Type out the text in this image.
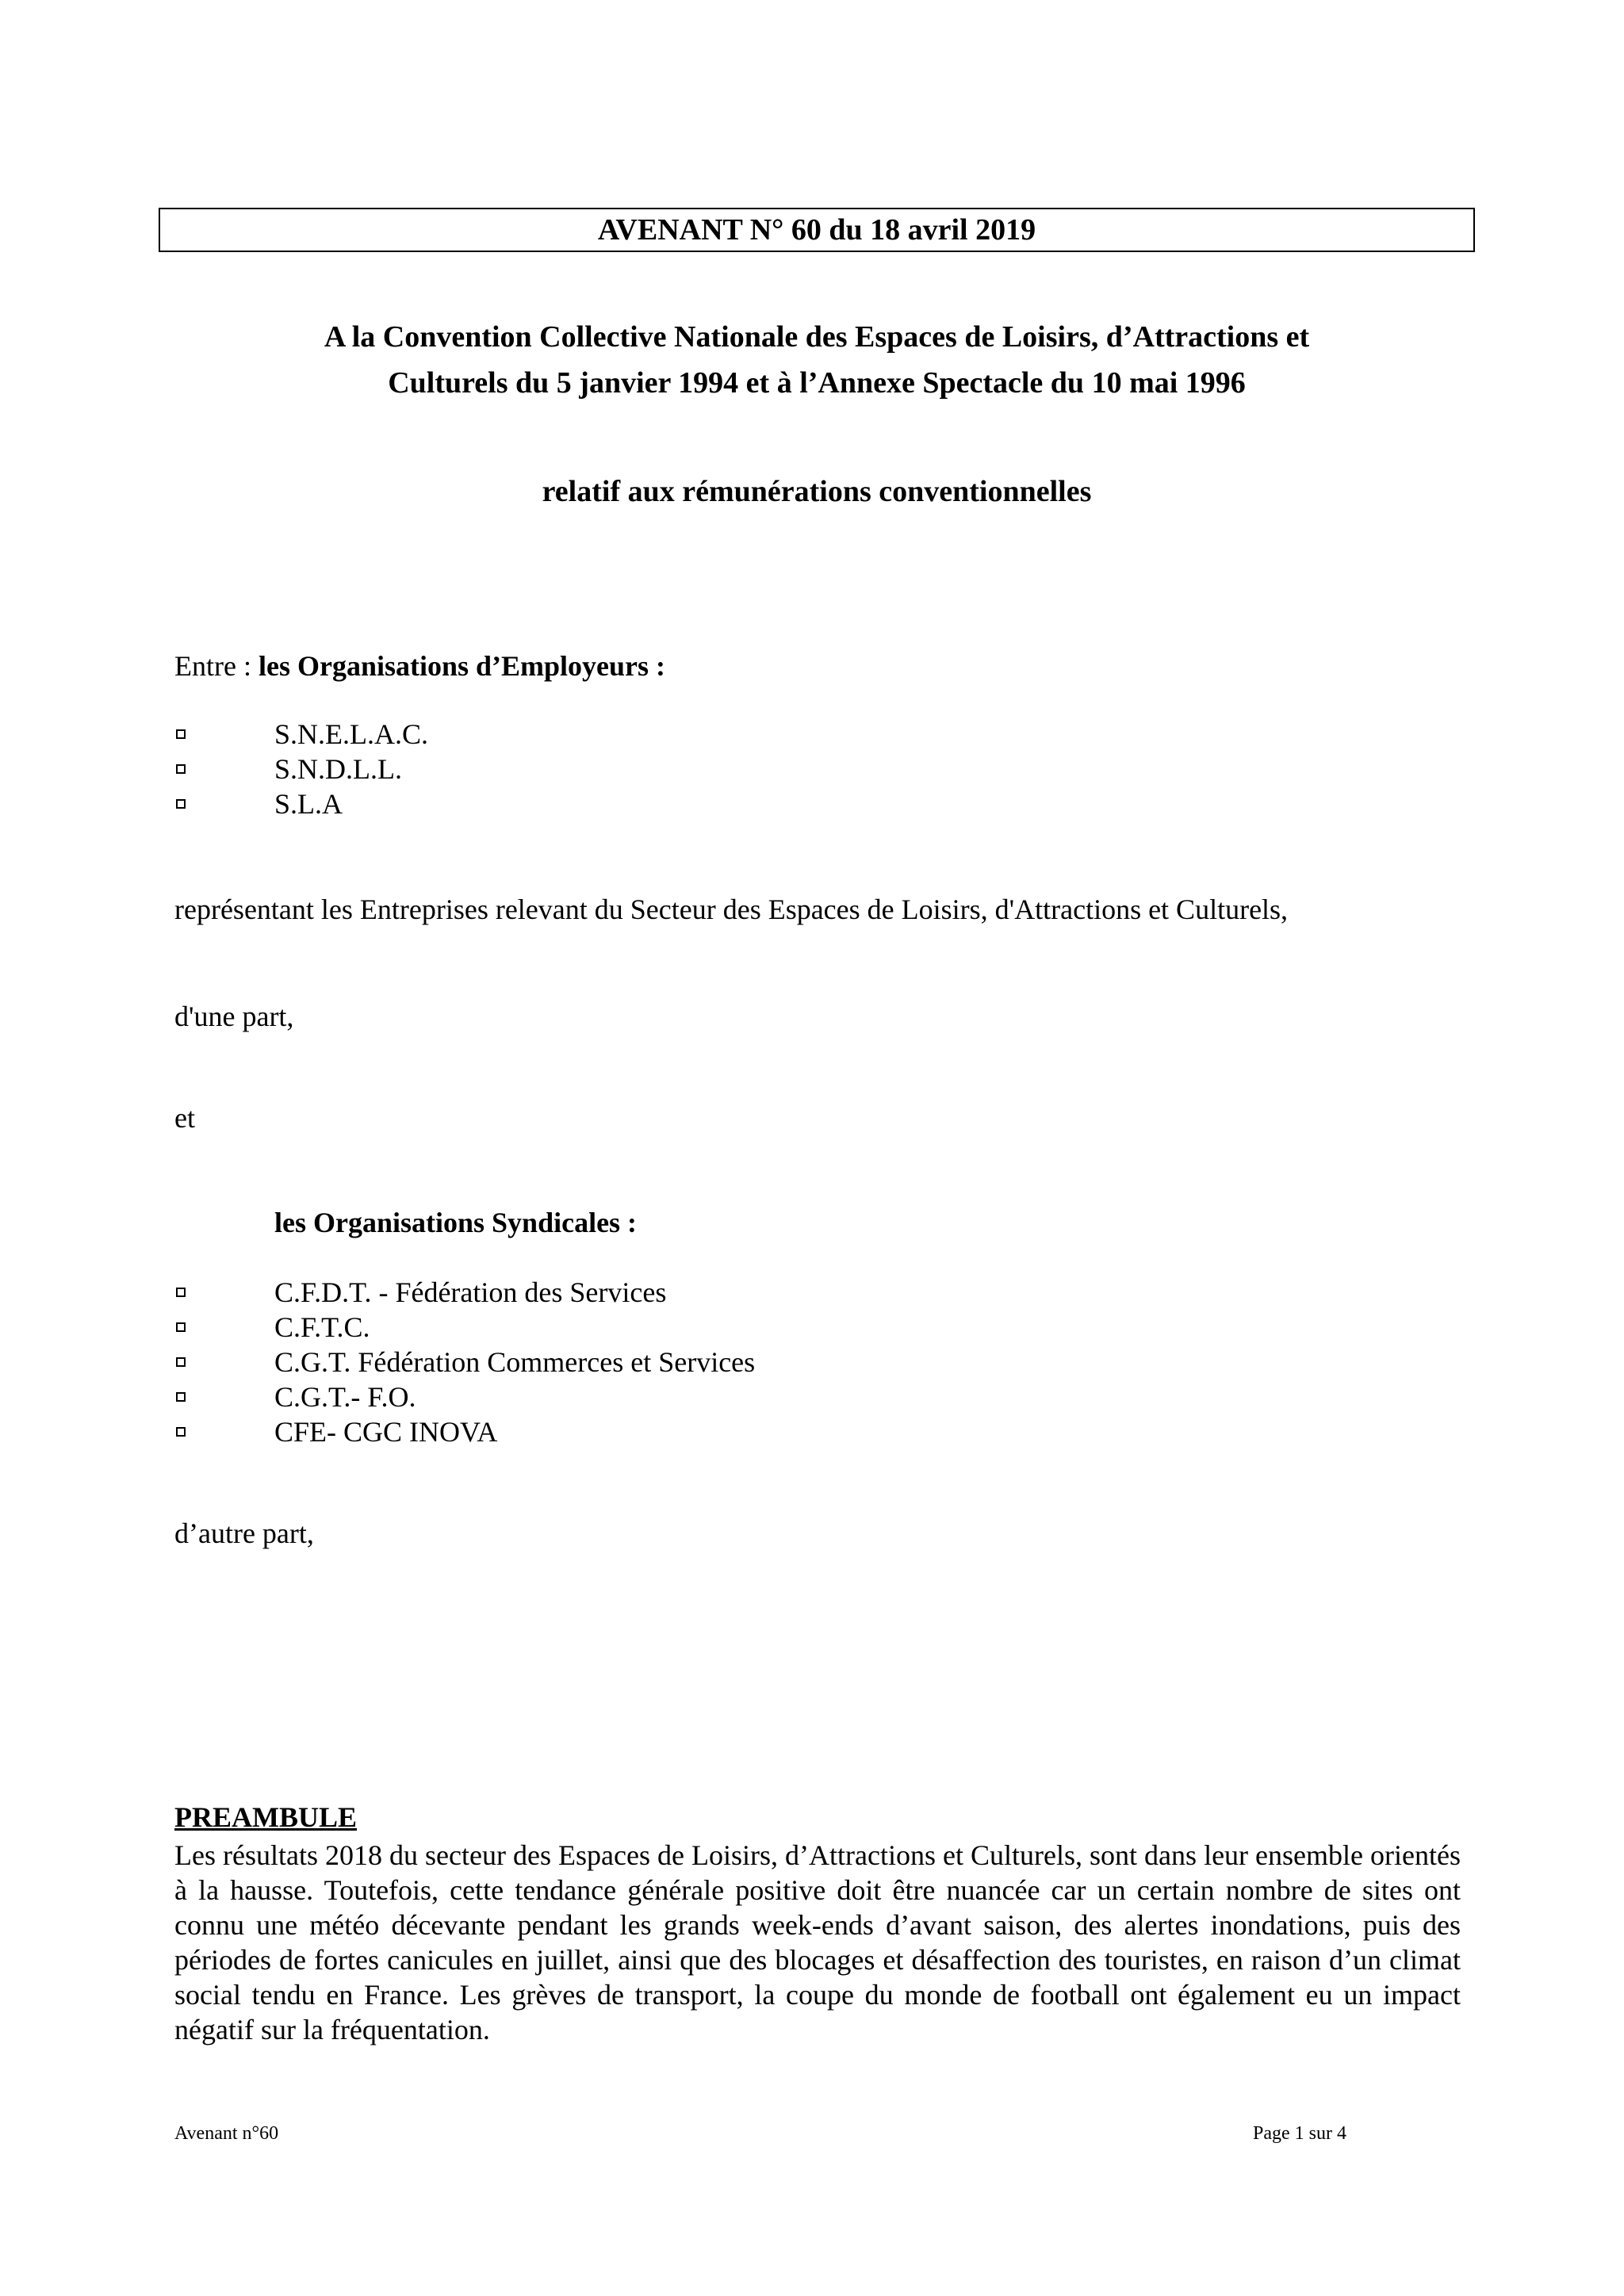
AVENANT N° 60 du 18 avril 2019
A la Convention Collective Nationale des Espaces de Loisirs, d’Attractions et
Culturels du 5 janvier 1994 et à l’Annexe Spectacle du 10 mai 1996
relatif aux rémunérations conventionnelles
Entre : les Organisations d’Employeurs :
S.N.E.L.A.C.
S.N.D.L.L.
S.L.A
représentant les Entreprises relevant du Secteur des Espaces de Loisirs, d'Attractions et Culturels,
d'une part,
et
les Organisations Syndicales :
C.F.D.T. - Fédération des Services
C.F.T.C.
C.G.T. Fédération Commerces et Services
C.G.T.- F.O.
CFE- CGC INOVA
d’autre part,
PREAMBULE
Les résultats 2018 du secteur des Espaces de Loisirs, d’Attractions et Culturels, sont dans leur ensemble orientés à la hausse. Toutefois, cette tendance générale positive doit être nuancée car un certain nombre de sites ont connu une météo décevante pendant les grands week-ends d’avant saison, des alertes inondations, puis des périodes de fortes canicules en juillet, ainsi que des blocages et désaffection des touristes, en raison d’un climat social tendu en France. Les grèves de transport, la coupe du monde de football ont également eu un impact négatif sur la fréquentation.
Avenant n°60	Page 1 sur 4
